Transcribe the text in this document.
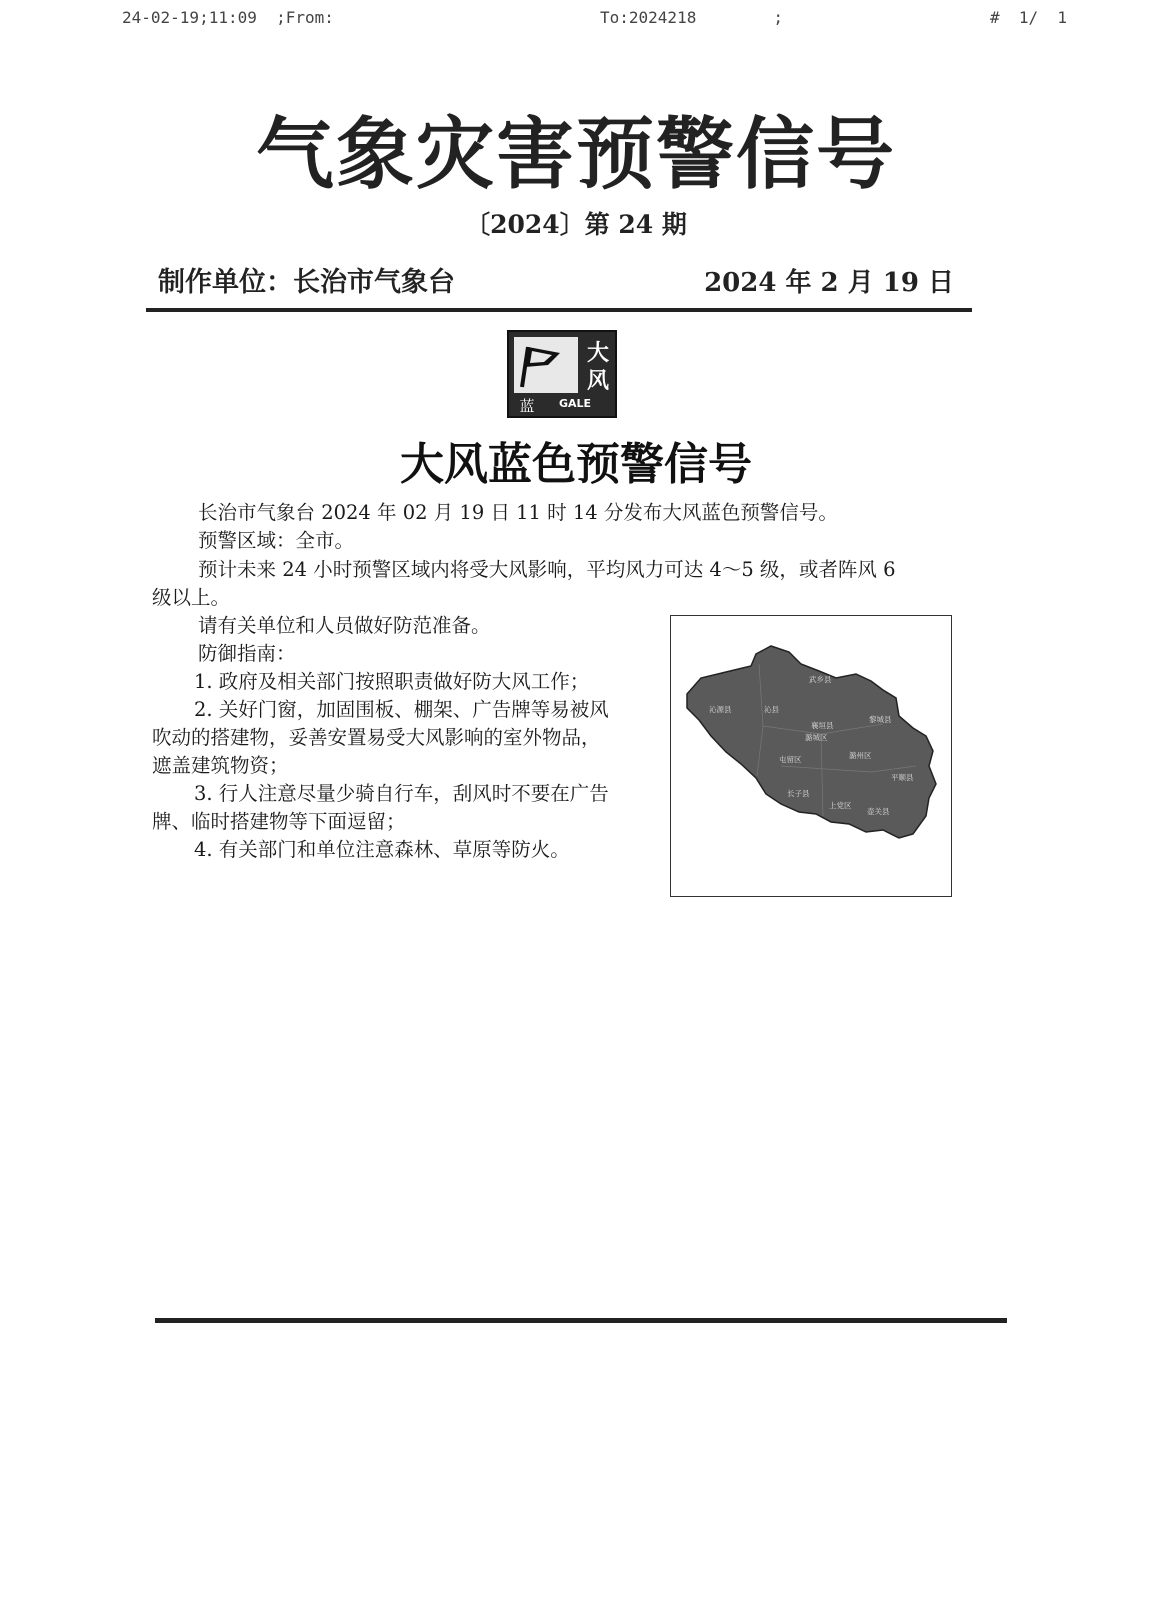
24-02-19;11:09  ;From:	To:2024218        ;	#  1/  1
气象灾害预警信号
〔2024〕第 24 期
制作单位：长治市气象台	2024 年 2 月 19 日
大
风
蓝	GALE
大风蓝色预警信号
长治市气象台 2024 年 02 月 19 日 11 时 14 分发布大风蓝色预警信号。
预警区域：全市。
预计未来 24 小时预警区域内将受大风影响，平均风力可达 4～5 级，或者阵风 6
级以上。
请有关单位和人员做好防范准备。
防御指南：
1. 政府及相关部门按照职责做好防大风工作；
2. 关好门窗，加固围板、棚架、广告牌等易被风
吹动的搭建物，妥善安置易受大风影响的室外物品，
遮盖建筑物资；
3. 行人注意尽量少骑自行车，刮风时不要在广告
牌、临时搭建物等下面逗留；
4. 有关部门和单位注意森林、草原等防火。
武乡县
沁源县	沁县
黎城县
襄垣县
潞城区
屯留区	潞州区
平顺县
长子县
上党区
壶关县
